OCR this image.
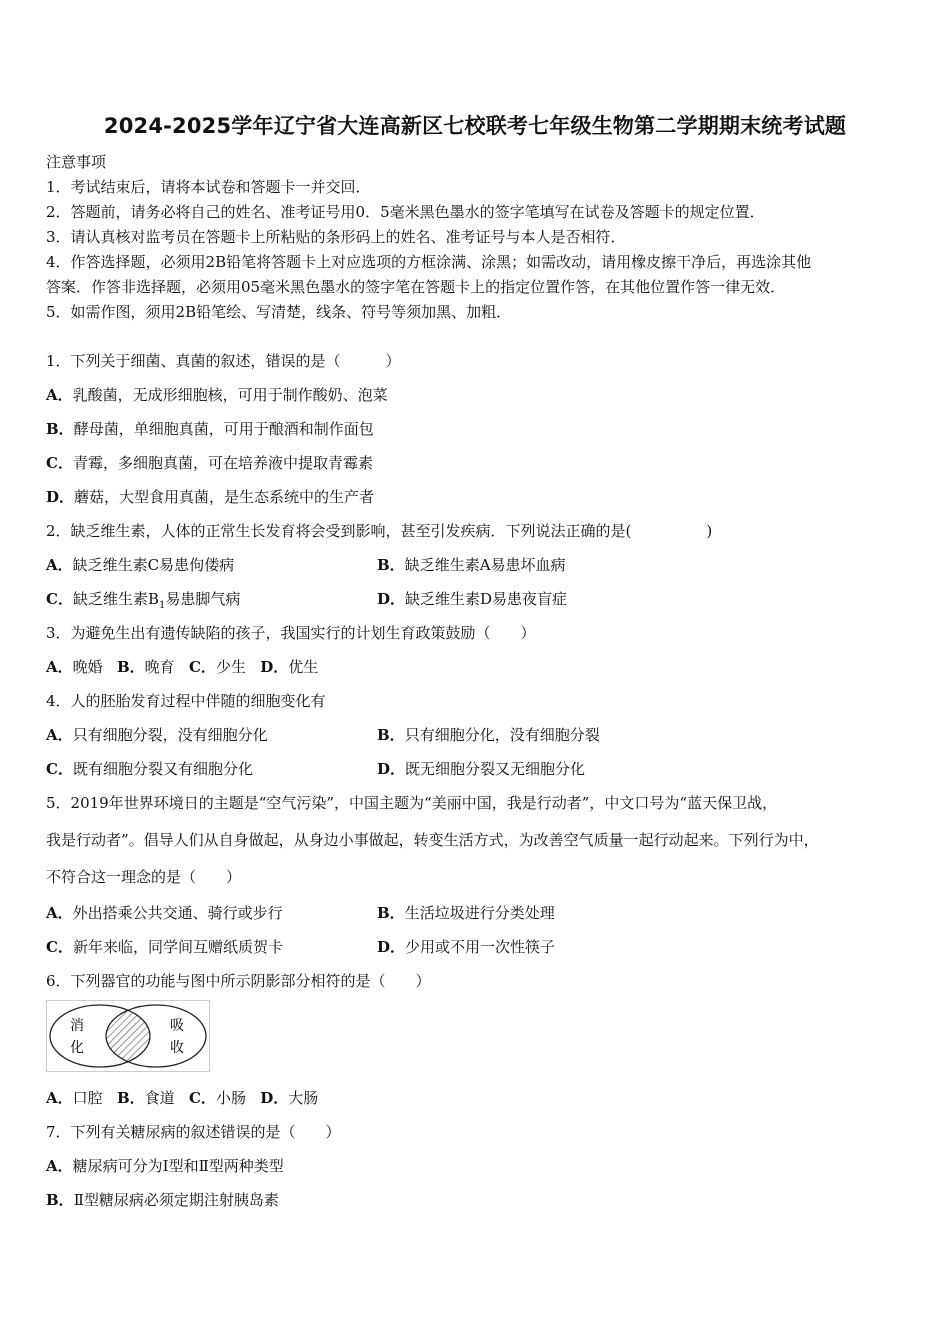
2024-2025学年辽宁省大连高新区七校联考七年级生物第二学期期末统考试题
注意事项
1．考试结束后，请将本试卷和答题卡一并交回．
2．答题前，请务必将自己的姓名、准考证号用0．5毫米黑色墨水的签字笔填写在试卷及答题卡的规定位置．
3．请认真核对监考员在答题卡上所粘贴的条形码上的姓名、准考证号与本人是否相符．
4．作答选择题，必须用2B铅笔将答题卡上对应选项的方框涂满、涂黑；如需改动，请用橡皮擦干净后，再选涂其他
答案．作答非选择题，必须用05毫米黑色墨水的签字笔在答题卡上的指定位置作答，在其他位置作答一律无效．
5．如需作图，须用2B铅笔绘、写清楚，线条、符号等须加黑、加粗．
1．下列关于细菌、真菌的叙述，错误的是（　　　）
A．乳酸菌，无成形细胞核，可用于制作酸奶、泡菜
B．酵母菌，单细胞真菌，可用于酿酒和制作面包
C．青霉，多细胞真菌，可在培养液中提取青霉素
D．蘑菇，大型食用真菌，是生态系统中的生产者
2．缺乏维生素，人体的正常生长发育将会受到影响，甚至引发疾病．下列说法正确的是(　　　　　)
A．缺乏维生素C易患佝偻病	B．缺乏维生素A易患坏血病
C．缺乏维生素$B_1$易患脚气病	D．缺乏维生素D易患夜盲症
3．为避免生出有遗传缺陷的孩子，我国实行的计划生育政策鼓励（　　）
A．晚婚 B．晚育 C．少生 D．优生
4．人的胚胎发育过程中伴随的细胞变化有
A．只有细胞分裂，没有细胞分化	B．只有细胞分化，没有细胞分裂
C．既有细胞分裂又有细胞分化	D．既无细胞分裂又无细胞分化
5．2019年世界环境日的主题是“空气污染”，中国主题为“美丽中国，我是行动者”，中文口号为“蓝天保卫战，
我是行动者”。倡导人们从自身做起，从身边小事做起，转变生活方式，为改善空气质量一起行动起来。下列行为中，
不符合这一理念的是（　　）
A．外出搭乘公共交通、骑行或步行	B．生活垃圾进行分类处理
C．新年来临，同学间互赠纸质贺卡	D．少用或不用一次性筷子
6．下列器官的功能与图中所示阴影部分相符的是（　　）
消
化
吸
收
A．口腔 B．食道 C．小肠 D．大肠
7．下列有关糖尿病的叙述错误的是（　　）
A．糖尿病可分为Ⅰ型和Ⅱ型两种类型
B．Ⅱ型糖尿病必须定期注射胰岛素
